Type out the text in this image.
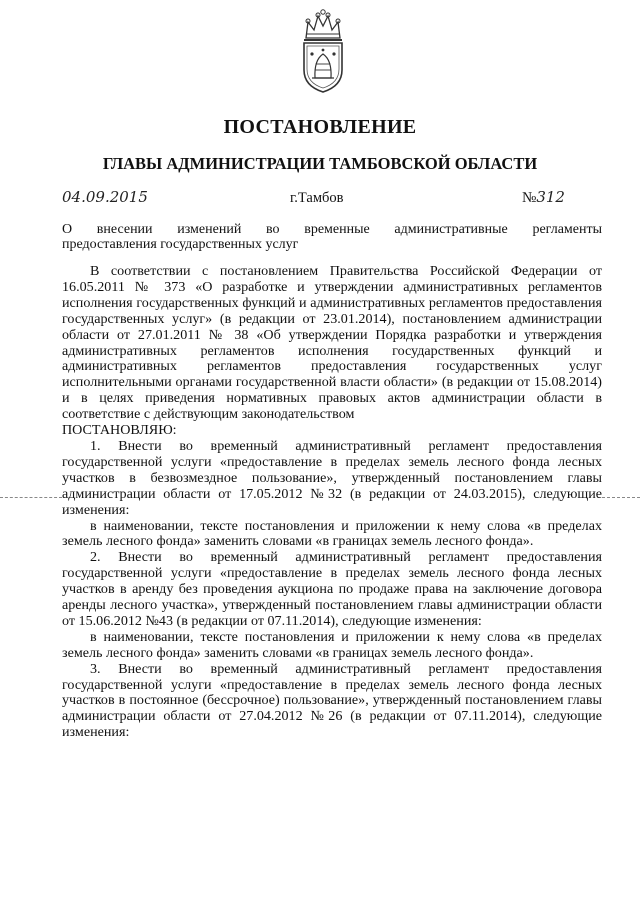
ПОСТАНОВЛЕНИЕ
ГЛАВЫ АДМИНИСТРАЦИИ ТАМБОВСКОЙ ОБЛАСТИ
04.09.2015	г.Тамбов	№312
О внесении изменений во временные административные регламенты
предоставления государственных услуг

В соответствии с постановлением Правительства Российской Федерации от 16.05.2011 № 373 «О разработке и утверждении административных регламентов исполнения государственных функций и административных регламентов предоставления государственных услуг» (в редакции от 23.01.2014), постановлением администрации области от 27.01.2011 № 38 «Об утверждении Порядка разработки и утверждения административных регламентов исполнения государственных функций и административных регламентов предоставления государственных услуг исполнительными органами государственной власти области» (в редакции от 15.08.2014) и в целях приведения нормативных правовых актов администрации области в соответствие с действующим законодательством

ПОСТАНОВЛЯЮ:

1. Внести во временный административный регламент предоставления государственной услуги «предоставление в пределах земель лесного фонда лесных участков в безвозмездное пользование», утвержденный постановлением главы администрации области от 17.05.2012 №32 (в редакции от 24.03.2015), следующие изменения:

в наименовании, тексте постановления и приложении к нему слова «в пределах земель лесного фонда» заменить словами «в границах земель лесного фонда».

2. Внести во временный административный регламент предоставления государственной услуги «предоставление в пределах земель лесного фонда лесных участков в аренду без проведения аукциона по продаже права на заключение договора аренды лесного участка», утвержденный постановлением главы администрации области от 15.06.2012 №43 (в редакции от 07.11.2014), следующие изменения:

в наименовании, тексте постановления и приложении к нему слова «в пределах земель лесного фонда» заменить словами «в границах земель лесного фонда».

3. Внести во временный административный регламент предоставления государственной услуги «предоставление в пределах земель лесного фонда лесных участков в постоянное (бессрочное) пользование», утвержденный постановлением главы администрации области от 27.04.2012 №26 (в редакции от 07.11.2014), следующие изменения:
